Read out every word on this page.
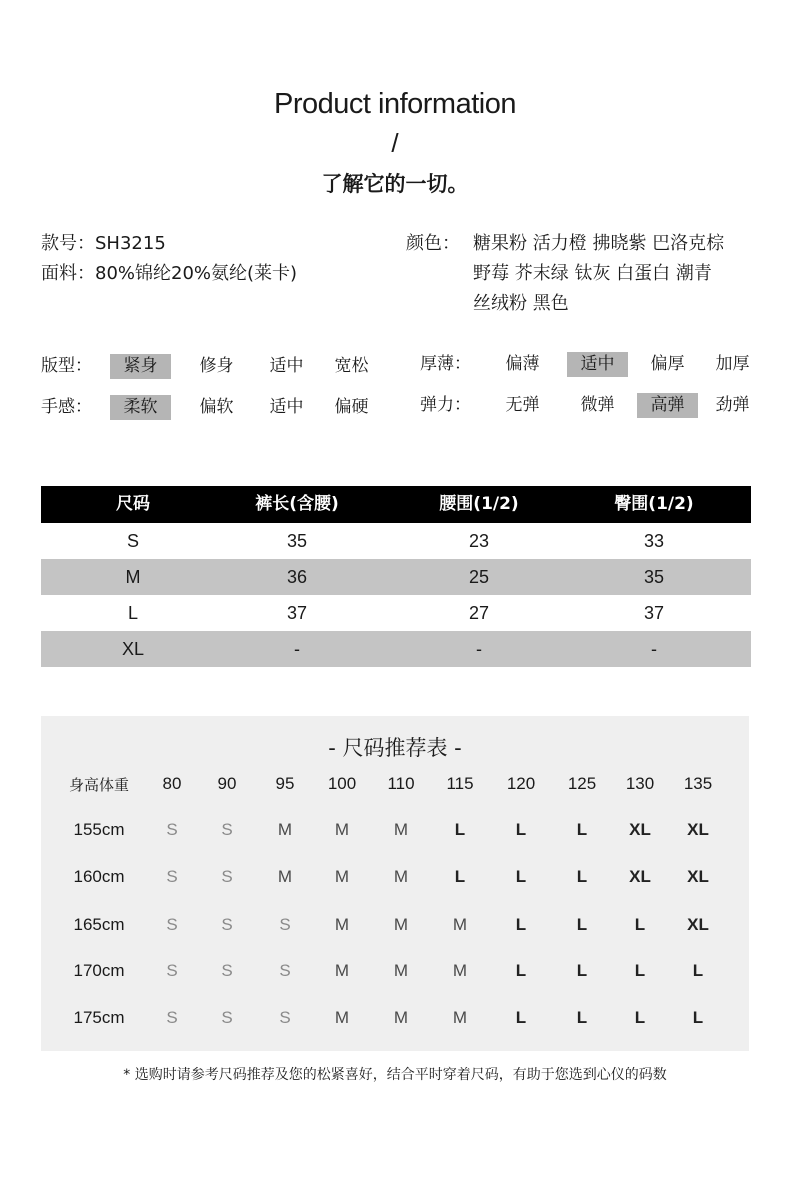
Product information
/
了解它的一切。
款号：SH3215
面料：80%锦纶20%氨纶(莱卡)
颜色： 糖果粉 活力橙 拂晓紫 巴洛克棕
野莓 芥末绿 钛灰 白蛋白 潮青
丝绒粉 黑色
版型：	紧身	修身	适中	宽松	厚薄：	偏薄	适中	偏厚	加厚
手感：	柔软	偏软	适中	偏硬	弹力：	无弹	微弹	高弹	劲弹
尺码	裤长(含腰)	腰围(1/2)	臀围(1/2)
S	35	23	33
M	36	25	35
L	37	27	37
XL	-	-	-
- 尺码推荐表 -
身高体重	80	90	95	100	110	115	120	125	130	135
155cm	S	S	M	M	M	L	L	L	XL	XL
160cm	S	S	M	M	M	L	L	L	XL	XL
165cm	S	S	S	M	M	M	L	L	L	XL
170cm	S	S	S	M	M	M	L	L	L	L
175cm	S	S	S	M	M	M	L	L	L	L
* 选购时请参考尺码推荐及您的松紧喜好，结合平时穿着尺码，有助于您选到心仪的码数
